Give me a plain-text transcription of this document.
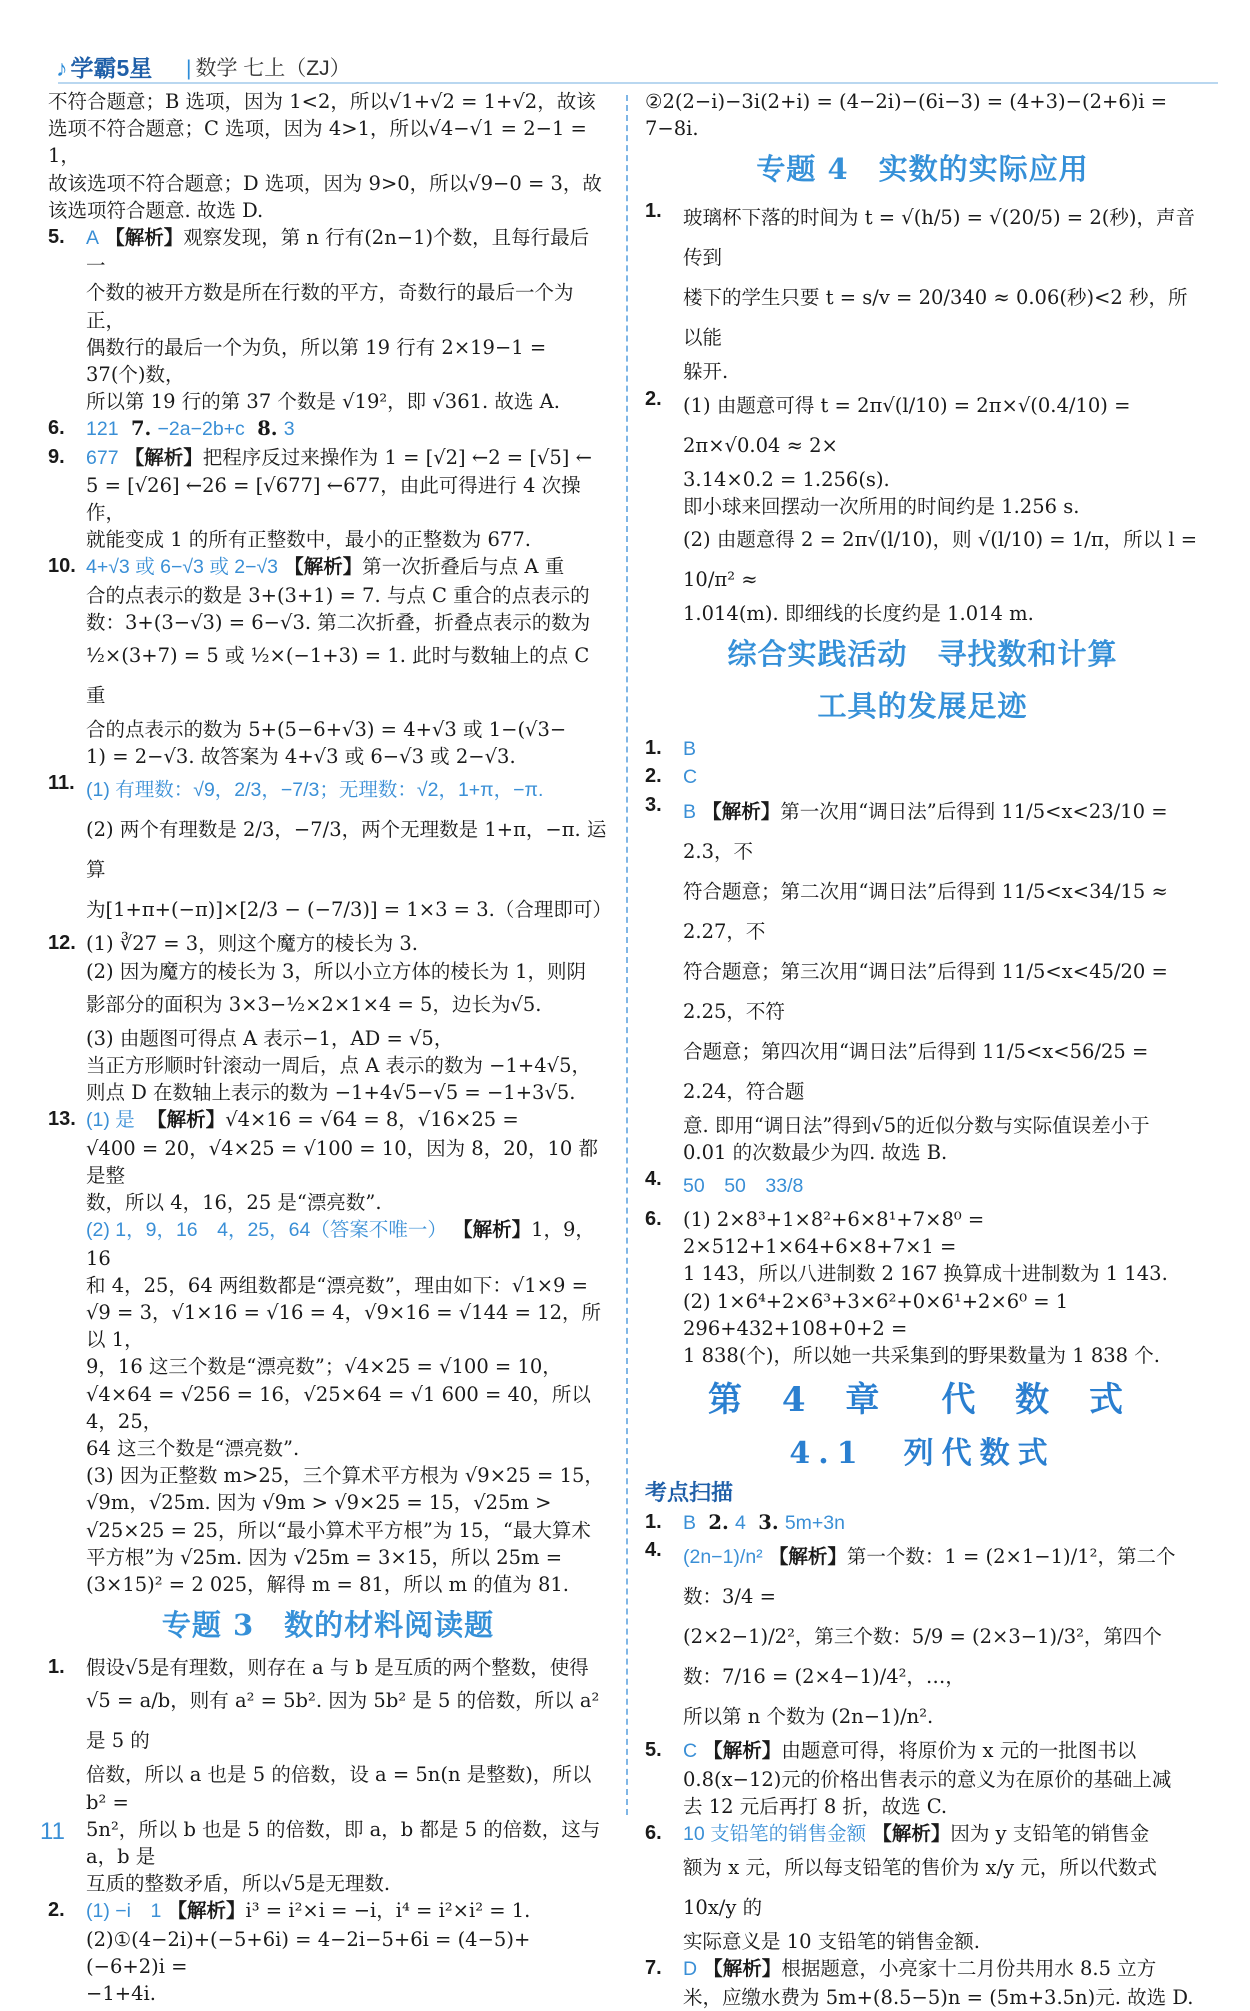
♪ 学霸5星 | 数学 七上（ZJ）

不符合题意；B 选项，因为 1<2，所以√1+√2 = 1+√2，故该

选项不符合题意；C 选项，因为 4>1，所以√4−√1 = 2−1 = 1，

故该选项不符合题意；D 选项，因为 9>0，所以√9−0 = 3，故

该选项符合题意. 故选 D.

5. A 【解析】观察发现，第 n 行有(2n−1)个数，且每行最后一

个数的被开方数是所在行数的平方，奇数行的最后一个为正，

偶数行的最后一个为负，所以第 19 行有 2×19−1 = 37(个)数，

所以第 19 行的第 37 个数是 √19²，即 √361. 故选 A.

6. 121 7. −2a−2b+c 8. 3

9. 677 【解析】把程序反过来操作为 1 = [√2] ←2 = [√5] ←

5 = [√26] ←26 = [√677] ←677，由此可得进行 4 次操作，

就能变成 1 的所有正整数中，最小的正整数为 677.

10. 4+√3 或 6−√3 或 2−√3 【解析】第一次折叠后与点 A 重

合的点表示的数是 3+(3+1) = 7. 与点 C 重合的点表示的

数：3+(3−√3) = 6−√3. 第二次折叠，折叠点表示的数为

½×(3+7) = 5 或 ½×(−1+3) = 1. 此时与数轴上的点 C 重

合的点表示的数为 5+(5−6+√3) = 4+√3 或 1−(√3−

1) = 2−√3. 故答案为 4+√3 或 6−√3 或 2−√3.

11. (1) 有理数：√9，2/3，−7/3；无理数：√2，1+π，−π.

(2) 两个有理数是 2/3，−7/3，两个无理数是 1+π，−π. 运算

为[1+π+(−π)]×[2/3 − (−7/3)] = 1×3 = 3.（合理即可）

12. (1) ∛27 = 3，则这个魔方的棱长为 3.

(2) 因为魔方的棱长为 3，所以小立方体的棱长为 1，则阴

影部分的面积为 3×3−½×2×1×4 = 5，边长为√5.

(3) 由题图可得点 A 表示−1，AD = √5，

当正方形顺时针滚动一周后，点 A 表示的数为 −1+4√5，

则点 D 在数轴上表示的数为 −1+4√5−√5 = −1+3√5.

13. (1) 是 【解析】√4×16 = √64 = 8，√16×25 =

√400 = 20，√4×25 = √100 = 10，因为 8，20，10 都是整

数，所以 4，16，25 是“漂亮数”.

(2) 1，9，16　4，25，64（答案不唯一） 【解析】1，9，16

和 4，25，64 两组数都是“漂亮数”，理由如下：√1×9 =

√9 = 3，√1×16 = √16 = 4，√9×16 = √144 = 12，所以 1，

9，16 这三个数是“漂亮数”；√4×25 = √100 = 10，

√4×64 = √256 = 16，√25×64 = √1 600 = 40，所以 4，25，

64 这三个数是“漂亮数”.

(3) 因为正整数 m>25，三个算术平方根为 √9×25 = 15，

√9m，√25m. 因为 √9m > √9×25 = 15，√25m >

√25×25 = 25，所以“最小算术平方根”为 15，“最大算术

平方根”为 √25m. 因为 √25m = 3×15，所以 25m =

(3×15)² = 2 025，解得 m = 81，所以 m 的值为 81.

专题 3　数的材料阅读题
1. 假设√5是有理数，则存在 a 与 b 是互质的两个整数，使得

√5 = a/b，则有 a² = 5b². 因为 5b² 是 5 的倍数，所以 a² 是 5 的

倍数，所以 a 也是 5 的倍数，设 a = 5n(n 是整数)，所以 b² =

5n²，所以 b 也是 5 的倍数，即 a，b 都是 5 的倍数，这与 a，b 是

互质的整数矛盾，所以√5是无理数.

2. (1) −i　1 【解析】i³ = i²×i = −i，i⁴ = i²×i² = 1.

(2)①(4−2i)+(−5+6i) = 4−2i−5+6i = (4−5)+(−6+2)i =

−1+4i.

②2(2−i)−3i(2+i) = (4−2i)−(6i−3) = (4+3)−(2+6)i =

7−8i.

专题 4　实数的实际应用
1. 玻璃杯下落的时间为 t = √(h/5) = √(20/5) = 2(秒)，声音传到

楼下的学生只要 t = s/v = 20/340 ≈ 0.06(秒)<2 秒，所以能

躲开.

2. (1) 由题意可得 t = 2π√(l/10) = 2π×√(0.4/10) = 2π×√0.04 ≈ 2×

3.14×0.2 = 1.256(s).

即小球来回摆动一次所用的时间约是 1.256 s.

(2) 由题意得 2 = 2π√(l/10)，则 √(l/10) = 1/π，所以 l = 10/π² ≈

1.014(m). 即细线的长度约是 1.014 m.

综合实践活动　寻找数和计算
工具的发展足迹
1. B

2. C

3. B 【解析】第一次用“调日法”后得到 11/5<x<23/10 = 2.3，不

符合题意；第二次用“调日法”后得到 11/5<x<34/15 ≈ 2.27，不

符合题意；第三次用“调日法”后得到 11/5<x<45/20 = 2.25，不符

合题意；第四次用“调日法”后得到 11/5<x<56/25 = 2.24，符合题

意. 即用“调日法”得到√5的近似分数与实际值误差小于

0.01 的次数最少为四. 故选 B.

4. 50　50　33/8

6. (1) 2×8³+1×8²+6×8¹+7×8⁰ = 2×512+1×64+6×8+7×1 =

1 143，所以八进制数 2 167 换算成十进制数为 1 143.

(2) 1×6⁴+2×6³+3×6²+0×6¹+2×6⁰ = 1 296+432+108+0+2 =

1 838(个)，所以她一共采集到的野果数量为 1 838 个.

第 4 章　代 数 式
4.1　列代数式
考点扫描
1. B 2. 4 3. 5m+3n

4. (2n−1)/n² 【解析】第一个数：1 = (2×1−1)/1²，第二个数：3/4 =

(2×2−1)/2²，第三个数：5/9 = (2×3−1)/3²，第四个数：7/16 = (2×4−1)/4²，…，

所以第 n 个数为 (2n−1)/n².

5. C 【解析】由题意可得，将原价为 x 元的一批图书以

0.8(x−12)元的价格出售表示的意义为在原价的基础上减

去 12 元后再打 8 折，故选 C.

6. 10 支铅笔的销售金额 【解析】因为 y 支铅笔的销售金

额为 x 元，所以每支铅笔的售价为 x/y 元，所以代数式 10x/y 的

实际意义是 10 支铅笔的销售金额.

7. D 【解析】根据题意，小亮家十二月份共用水 8.5 立方

米，应缴水费为 5m+(8.5−5)n = (5m+3.5n)元. 故选 D.

11
